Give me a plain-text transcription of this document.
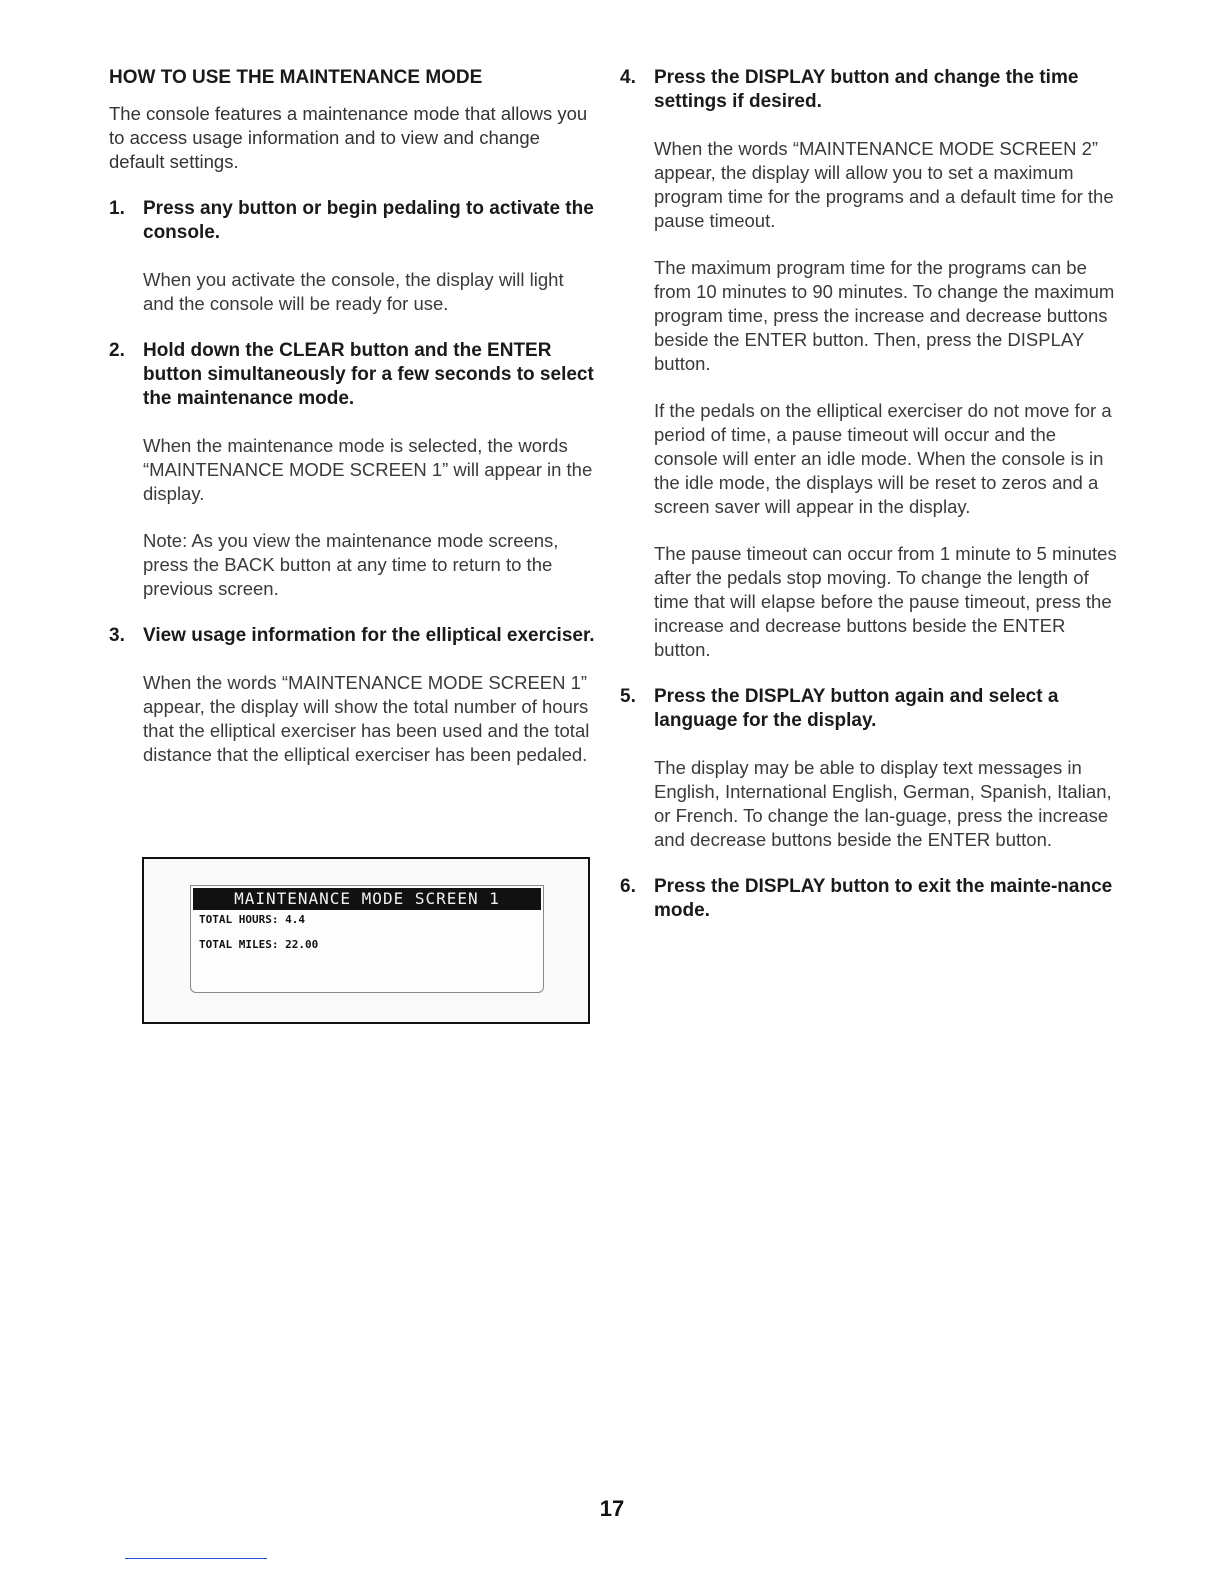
HOW TO USE THE MAINTENANCE MODE
The console features a maintenance mode that allows you to access usage information and to view and change default settings.
1. Press any button or begin pedaling to activate the console.
When you activate the console, the display will light and the console will be ready for use.
2. Hold down the CLEAR button and the ENTER button simultaneously for a few seconds to select the maintenance mode.
When the maintenance mode is selected, the words “MAINTENANCE MODE SCREEN 1” will appear in the display.
Note: As you view the maintenance mode screens, press the BACK button at any time to return to the previous screen.
3. View usage information for the elliptical exerciser.
When the words “MAINTENANCE MODE SCREEN 1” appear, the display will show the total number of hours that the elliptical exerciser has been used and the total distance that the elliptical exerciser has been pedaled.
MAINTENANCE MODE SCREEN 1
TOTAL HOURS: 4.4
TOTAL MILES: 22.00
4. Press the DISPLAY button and change the time settings if desired.
When the words “MAINTENANCE MODE SCREEN 2” appear, the display will allow you to set a maximum program time for the programs and a default time for the pause timeout.
The maximum program time for the programs can be from 10 minutes to 90 minutes. To change the maximum program time, press the increase and decrease buttons beside the ENTER button. Then, press the DISPLAY button.
If the pedals on the elliptical exerciser do not move for a period of time, a pause timeout will occur and the console will enter an idle mode. When the console is in the idle mode, the displays will be reset to zeros and a screen saver will appear in the display.
The pause timeout can occur from 1 minute to 5 minutes after the pedals stop moving. To change the length of time that will elapse before the pause timeout, press the increase and decrease buttons beside the ENTER button.
5. Press the DISPLAY button again and select a language for the display.
The display may be able to display text messages in English, International English, German, Spanish, Italian, or French. To change the lan-guage, press the increase and decrease buttons beside the ENTER button.
6. Press the DISPLAY button to exit the mainte-nance mode.
17
